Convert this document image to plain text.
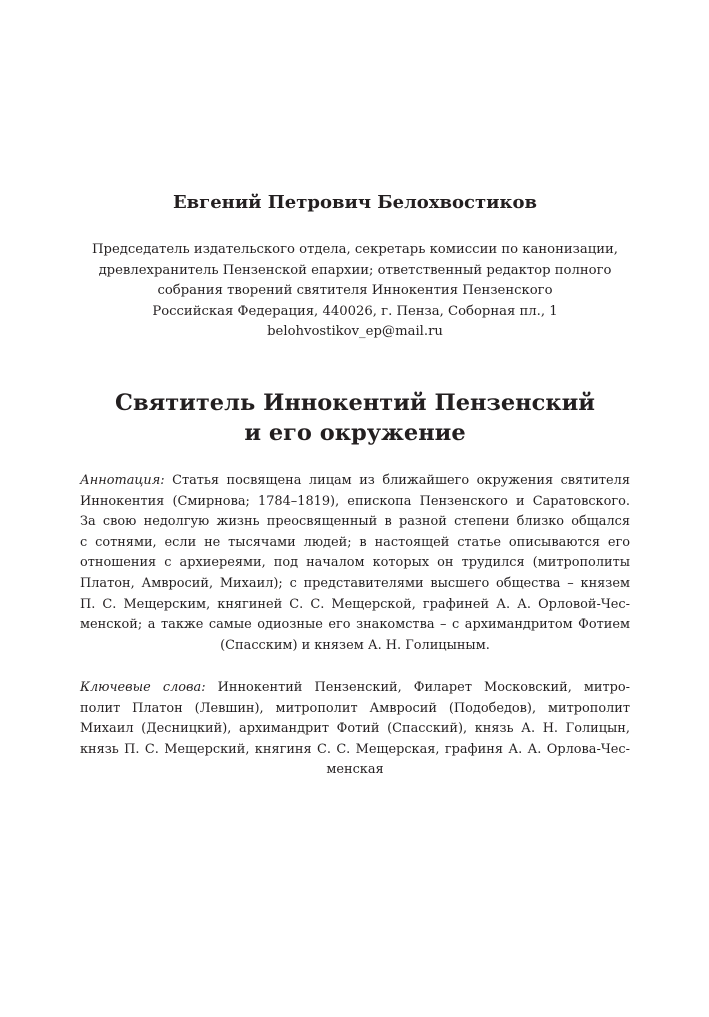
Евгений Петрович Белохвостиков
Председатель издательского отдела, секретарь комиссии по канонизации,
древлехранитель Пензенской епархии; ответственный редактор полного
собрания творений святителя Иннокентия Пензенского
Российская Федерация, 440026, г. Пенза, Соборная пл., 1
belohvostikov_ep@mail.ru
Святитель Иннокентий Пензенский
и его окружение
Аннотация: Статья посвящена лицам из ближайшего окружения святителя
Иннокентия (Смирнова; 1784–1819), епископа Пензенского и Саратовского.
За свою недолгую жизнь преосвященный в разной степени близко общался
с сотнями, если не тысячами людей; в настоящей статье описываются его
отношения с архиереями, под началом которых он трудился (митрополиты
Платон, Амвросий, Михаил); с представителями высшего общества – князем
П. С. Мещерским, княгиней С. С. Мещерской, графиней А. А. Орловой-Чес-
менской; а также самые одиозные его знакомства – с архимандритом Фотием
(Спасским) и князем А. Н. Голицыным.
Ключевые слова: Иннокентий Пензенский, Филарет Московский, митро-
полит Платон (Левшин), митрополит Амвросий (Подобедов), митрополит
Михаил (Десницкий), архимандрит Фотий (Спасский), князь А. Н. Голицын,
князь П. С. Мещерский, княгиня С. С. Мещерская, графиня А. А. Орлова-Чес-
менская
